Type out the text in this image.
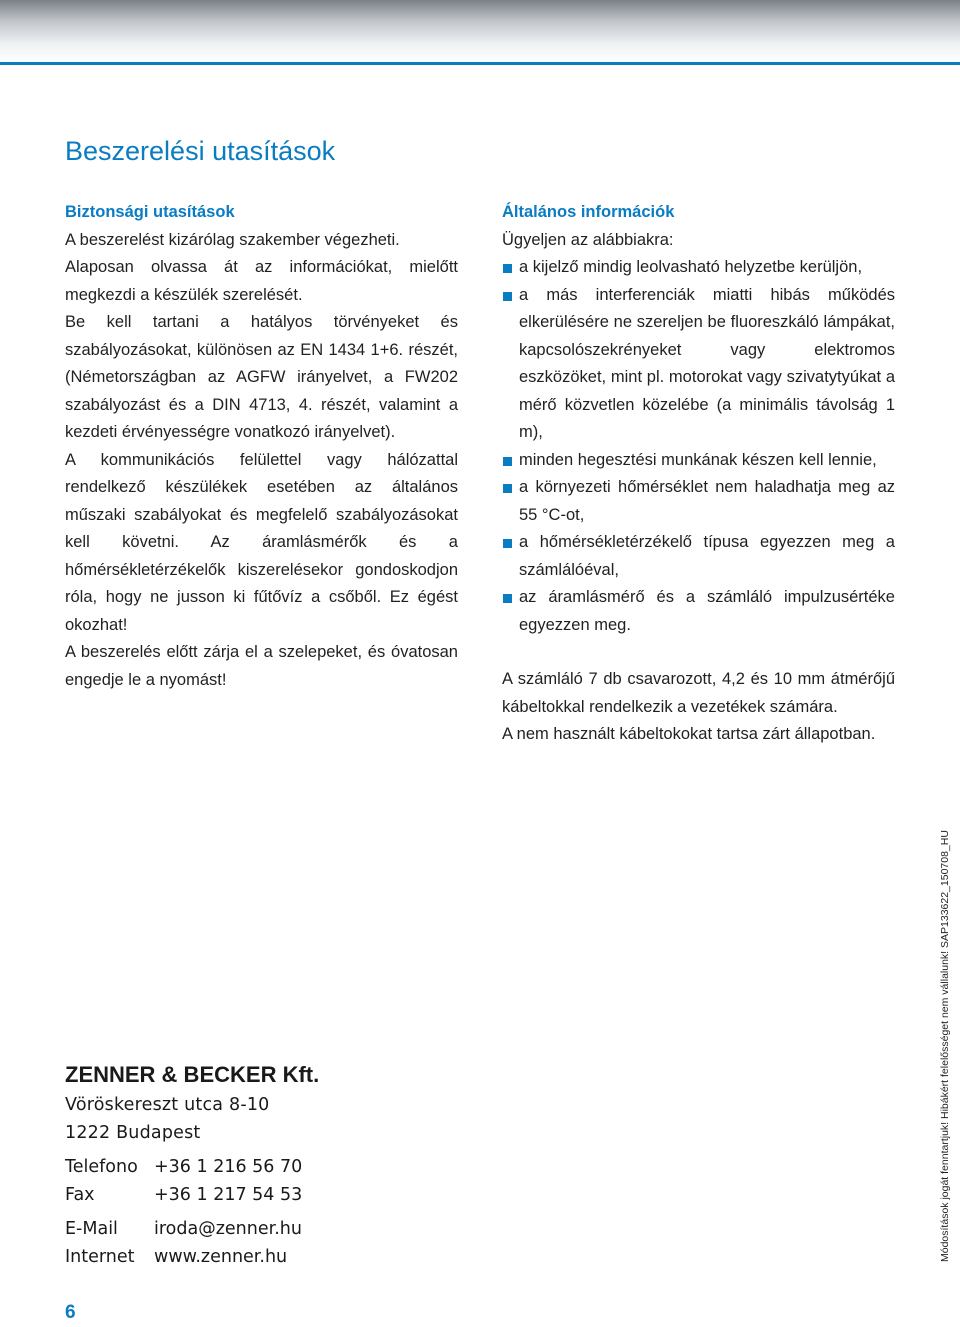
Beszerelési utasítások

Biztonsági utasítások

A beszerelést kizárólag szakember végezheti.

Alaposan olvassa át az információkat, mielőtt megkezdi a készülék szerelését.

Be kell tartani a hatályos törvényeket és szabályozásokat, különösen az EN 1434 1+6. részét, (Németországban az AGFW irányelvet, a FW202 szabályozást és a DIN 4713, 4. részét, valamint a kezdeti érvényességre vonatkozó irányelvet).

A kommunikációs felülettel vagy hálózattal rendelkező készülékek esetében az általános műszaki szabályokat és megfelelő szabályozásokat kell követni. Az áramlásmérők és a hőmérsékletérzékelők kiszerelésekor gondoskodjon róla, hogy ne jusson ki fűtővíz a csőből. Ez égést okozhat!

A beszerelés előtt zárja el a szelepeket, és óvatosan engedje le a nyomást!

Általános információk

Ügyeljen az alábbiakra:

a kijelző mindig leolvasható helyzetbe kerüljön,
a más interferenciák miatti hibás működés elkerülésére ne szereljen be fluoreszkáló lámpákat, kapcsolószekrényeket vagy elektromos eszközöket, mint pl. motorokat vagy szivatytyúkat a mérő közvetlen közelébe (a minimális távolság 1 m),
minden hegesztési munkának készen kell lennie,
a környezeti hőmérséklet nem haladhatja meg az 55 °C-ot,
a hőmérsékletérzékelő típusa egyezzen meg a számlálóéval,
az áramlásmérő és a számláló impulzusértéke egyezzen meg.

A számláló 7 db csavarozott, 4,2 és 10 mm átmérőjű kábeltokkal rendelkezik a vezetékek számára.

A nem használt kábeltokokat tartsa zárt állapotban.

ZENNER & BECKER Kft.

Vöröskereszt utca 8-10
1222 Budapest
Telefono +36 1 216 56 70
Fax	+36 1 217 54 53
E-Mail iroda@zenner.hu
Internet www.zenner.hu	Módosítások jogát fenntartjuk! Hibákért felelősséget nem vállalunk! SAP133622_150708_HU
6
